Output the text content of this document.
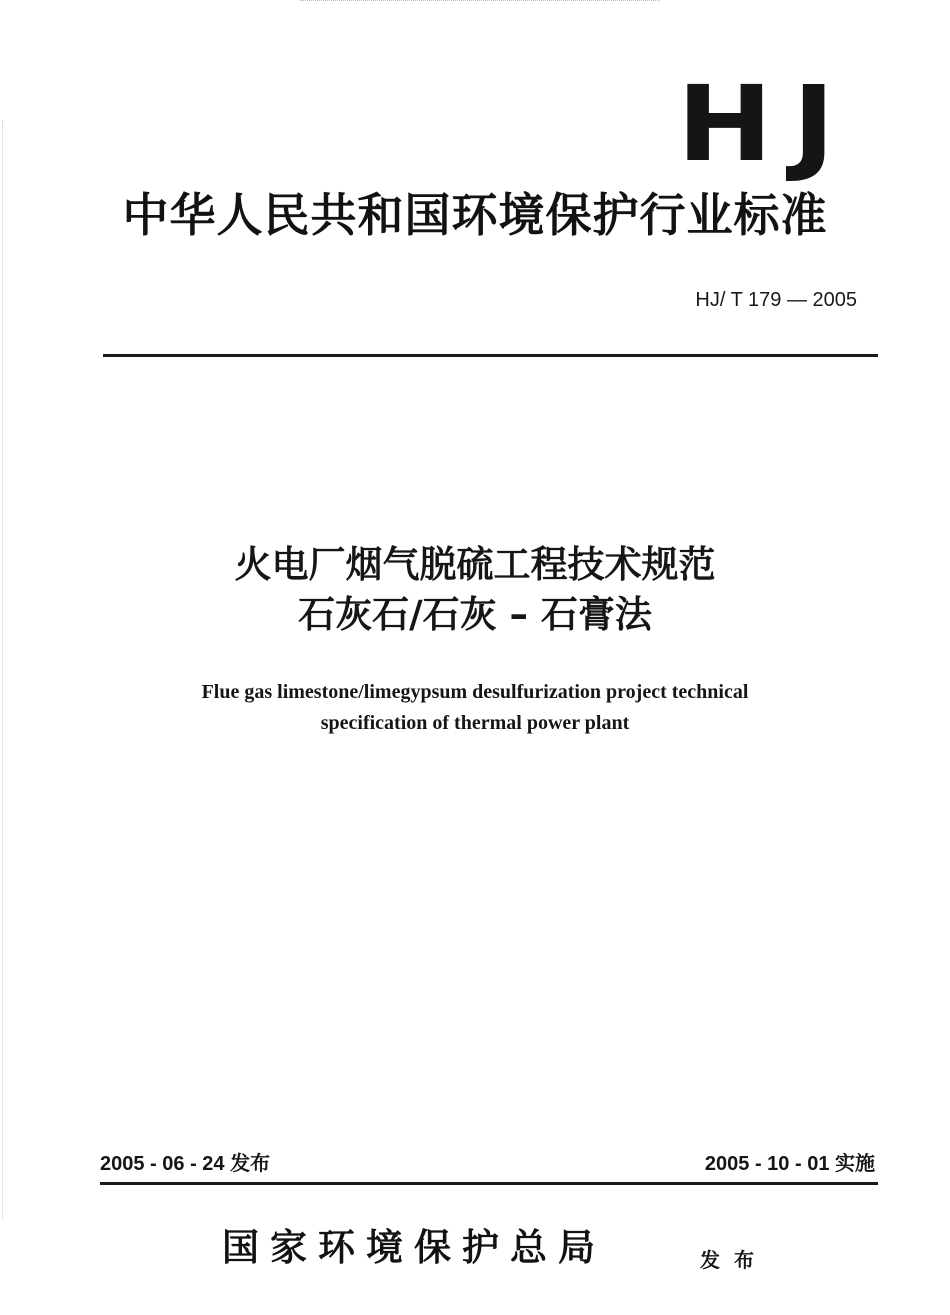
HJ
中华人民共和国环境保护行业标准
HJ/ T 179 — 2005
火电厂烟气脱硫工程技术规范
石灰石/石灰 – 石膏法
Flue gas limestone/limegypsum desulfurization project technical
specification of thermal power plant
2005 - 06 - 24 发布	2005 - 10 - 01 实施
国家环境保护总局	发布
